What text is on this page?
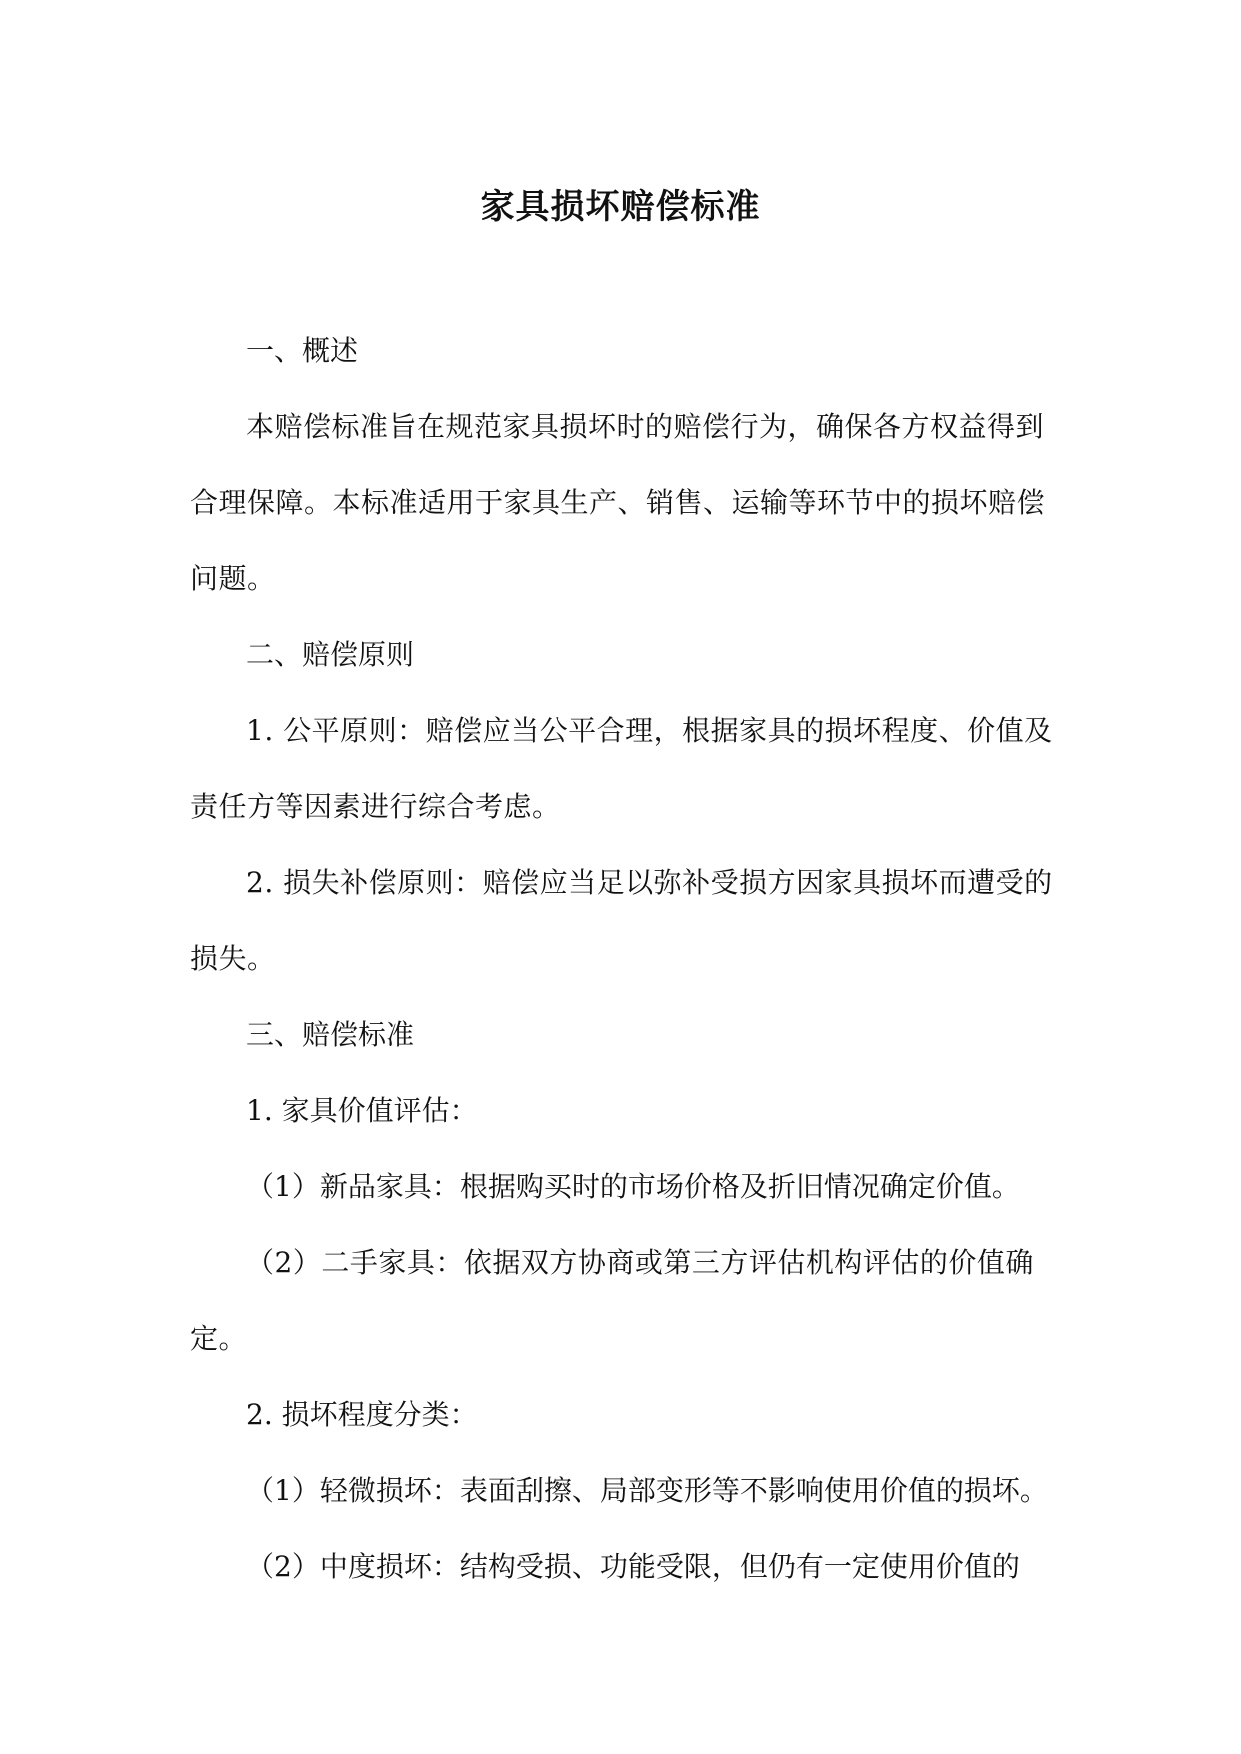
家具损坏赔偿标准

一、概述

本赔偿标准旨在规范家具损坏时的赔偿行为，确保各方权益得到合理保障。本标准适用于家具生产、销售、运输等环节中的损坏赔偿问题。

二、赔偿原则

1. 公平原则：赔偿应当公平合理，根据家具的损坏程度、价值及责任方等因素进行综合考虑。

2. 损失补偿原则：赔偿应当足以弥补受损方因家具损坏而遭受的损失。

三、赔偿标准

1. 家具价值评估：

（1）新品家具：根据购买时的市场价格及折旧情况确定价值。

（2）二手家具：依据双方协商或第三方评估机构评估的价值确定。

2. 损坏程度分类：

（1）轻微损坏：表面刮擦、局部变形等不影响使用价值的损坏。

（2）中度损坏：结构受损、功能受限，但仍有一定使用价值的
